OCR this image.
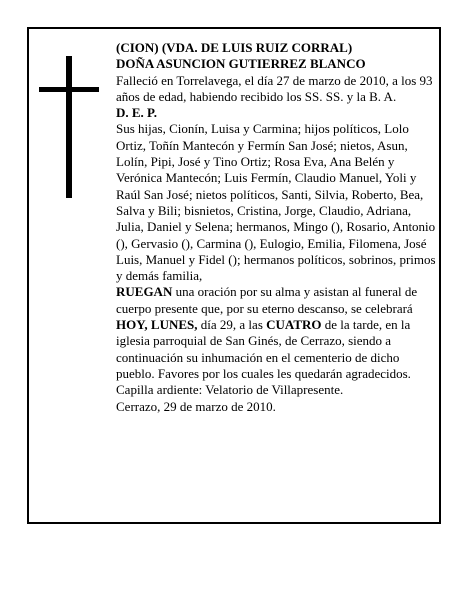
(CION) (VDA. DE LUIS RUIZ CORRAL)

DOÑA ASUNCION GUTIERREZ BLANCO

Falleció en Torrelavega, el día 27 de marzo de 2010, a los 93 años de edad, habiendo recibido los SS. SS. y la B. A.

D. E. P.

Sus hijas, Cionín, Luisa y Carmina; hijos políticos, Lolo Ortiz, Toñín Mantecón y Fermín San José; nietos, Asun, Lolín, Pipi, José y Tino Ortiz; Rosa Eva, Ana Belén y Verónica Mantecón; Luis Fermín, Claudio Manuel, Yoli y Raúl San José; nietos políticos, Santi, Silvia, Roberto, Bea, Salva y Bili; bisnietos, Cristina, Jorge, Claudio, Adriana, Julia, Daniel y Selena; hermanos, Mingo (), Rosario, Antonio (), Gervasio (), Carmina (), Eulogio, Emilia, Filomena, José Luis, Manuel y Fidel (); hermanos políticos, sobrinos, primos y demás familia,

RUEGAN una oración por su alma y asistan al funeral de cuerpo presente que, por su eterno descanso, se celebrará HOY, LUNES, día 29, a las CUATRO de la tarde, en la iglesia parroquial de San Ginés, de Cerrazo, siendo a continuación su inhumación en el cementerio de dicho pueblo. Favores por los cuales les quedarán agradecidos. Capilla ardiente: Velatorio de Villapresente.

Cerrazo, 29 de marzo de 2010.
